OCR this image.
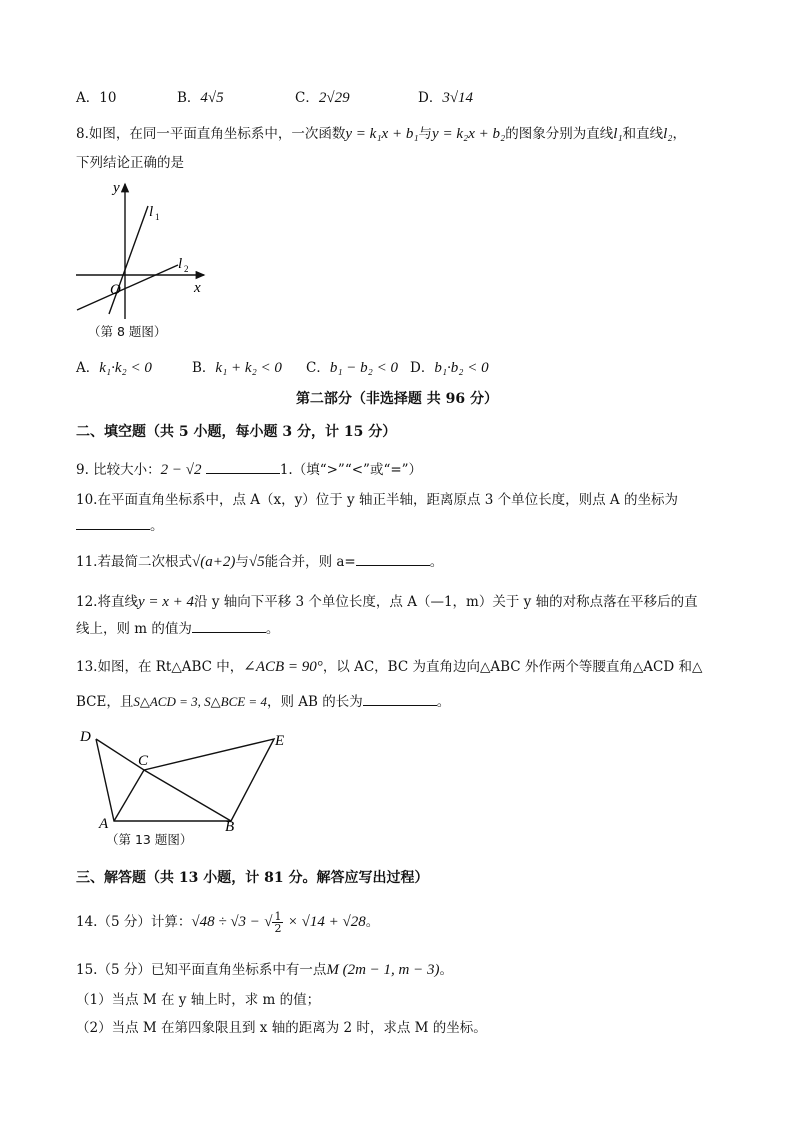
A．10	B．4√5	C．2√29	D．3√14
8.如图，在同一平面直角坐标系中，一次函数y = k₁x + b₁与y = k₂x + b₂的图象分别为直线l₁和直线l₂，
下列结论正确的是
y
x
O
l 1
l 2
（第 8 题图）
A．k₁·k₂ < 0	B．k₁ + k₂ < 0 C．b₁ − b₂ < 0 D．b₁·b₂ < 0
第二部分（非选择题 共 96 分）
二、填空题（共 5 小题，每小题 3 分，计 15 分）
9. 比较大小：2 − √2	1.（填“>”“<”或“=”）
10.在平面直角坐标系中，点 A（x，y）位于 y 轴正半轴，距离原点 3 个单位长度，则点 A 的坐标为
。
11.若最简二次根式√(a+2)与√5能合并，则 a=	。
12.将直线y = x + 4沿 y 轴向下平移 3 个单位长度，点 A（—1，m）关于 y 轴的对称点落在平移后的直
线上，则 m 的值为	。
13.如图，在 Rt△ABC 中，∠ACB = 90°，以 AC，BC 为直角边向△ABC 外作两个等腰直角△ACD 和△
BCE，且S△ACD = 3, S△BCE = 4，则 AB 的长为	。
D
C
E
A	B
（第 13 题图）
三、解答题（共 13 小题，计 81 分。解答应写出过程）
14.（5 分）计算：√48 ÷ √3 − √ $\frac{1}{2} \times √14 + √28$。
15.（5 分）已知平面直角坐标系中有一点M (2m − 1, m − 3)。
（1）当点 M 在 y 轴上时，求 m 的值；
（2）当点 M 在第四象限且到 x 轴的距离为 2 时，求点 M 的坐标。
